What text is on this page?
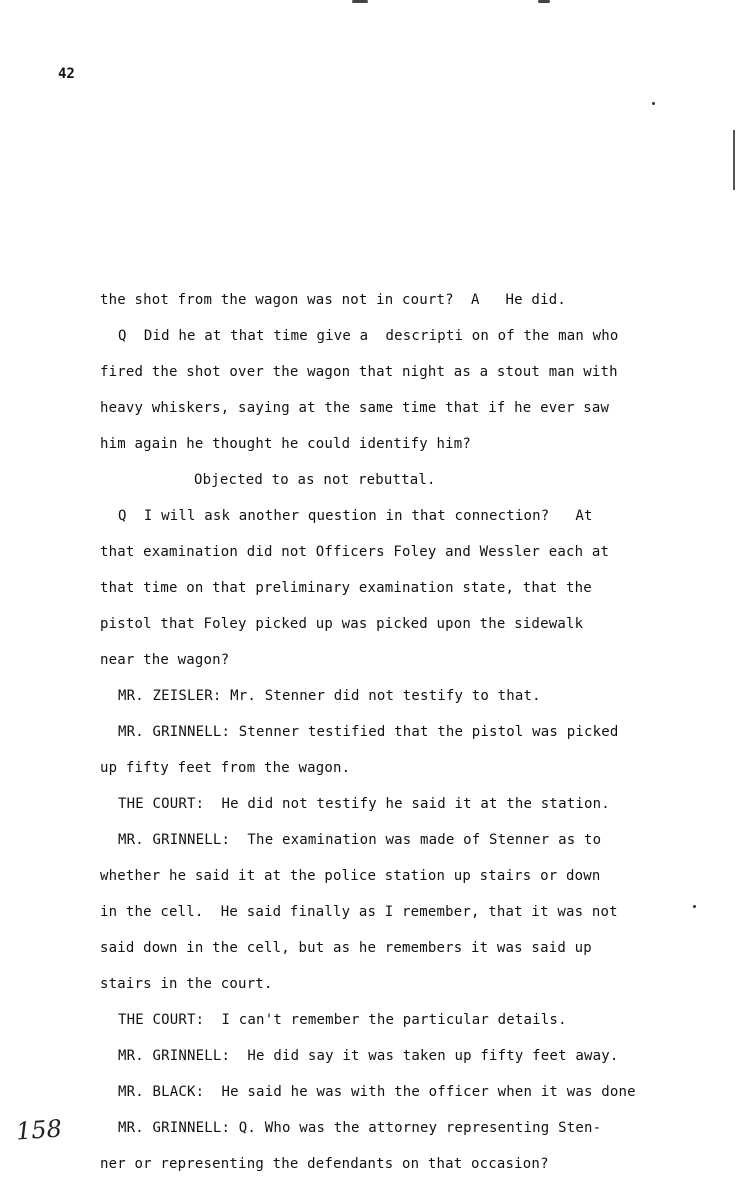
42
the shot from the wagon was not in court?  A   He did.
Q  Did he at that time give a  descripti on of the man who
fired the shot over the wagon that night as a stout man with
heavy whiskers, saying at the same time that if he ever saw
him again he thought he could identify him?
Objected to as not rebuttal.
Q  I will ask another question in that connection?   At
that examination did not Officers Foley and Wessler each at
that time on that preliminary examination state, that the
pistol that Foley picked up was picked upon the sidewalk
near the wagon?
MR. ZEISLER: Mr. Stenner did not testify to that.
MR. GRINNELL: Stenner testified that the pistol was picked
up fifty feet from the wagon.
THE COURT:  He did not testify he said it at the station.
MR. GRINNELL:  The examination was made of Stenner as to
whether he said it at the police station up stairs or down
in the cell.  He said finally as I remember, that it was not
said down in the cell, but as he remembers it was said up
stairs in the court.
THE COURT:  I can't remember the particular details.
MR. GRINNELL:  He did say it was taken up fifty feet away.
MR. BLACK:  He said he was with the officer when it was done
MR. GRINNELL: Q. Who was the attorney representing Sten-
ner or representing the defendants on that occasion?
158
